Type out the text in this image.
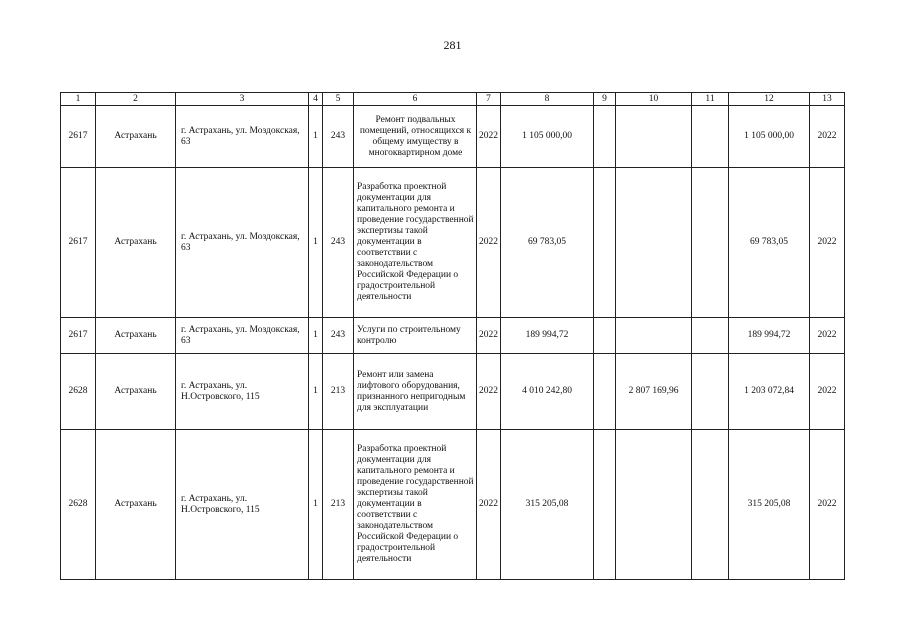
281
1	2	3	4	5	6	7	8	9	10	11	12	13
2617	Астрахань	г. Астрахань, ул. Моздокская, 63	1	243	Ремонт подвальных помещений, относящихся к общему имуществу в многоквартирном доме	2022	1 105 000,00				1 105 000,00	2022
2617	Астрахань	г. Астрахань, ул. Моздокская, 63	1	243	Разработка проектной документации для капитального ремонта и проведение государственной экспертизы такой документации в соответствии с законодательством Российской Федерации о градостроительной деятельности	2022	69 783,05				69 783,05	2022
2617	Астрахань	г. Астрахань, ул. Моздокская, 63	1	243	Услуги по строительному контролю	2022	189 994,72				189 994,72	2022
2628	Астрахань	г. Астрахань, ул. Н.Островского, 115	1	213	Ремонт или замена лифтового оборудования, признанного непригодным для эксплуатации	2022	4 010 242,80		2 807 169,96		1 203 072,84	2022
2628	Астрахань	г. Астрахань, ул. Н.Островского, 115	1	213	Разработка проектной документации для капитального ремонта и проведение государственной экспертизы такой документации в соответствии с законодательством Российской Федерации о градостроительной деятельности	2022	315 205,08				315 205,08	2022
